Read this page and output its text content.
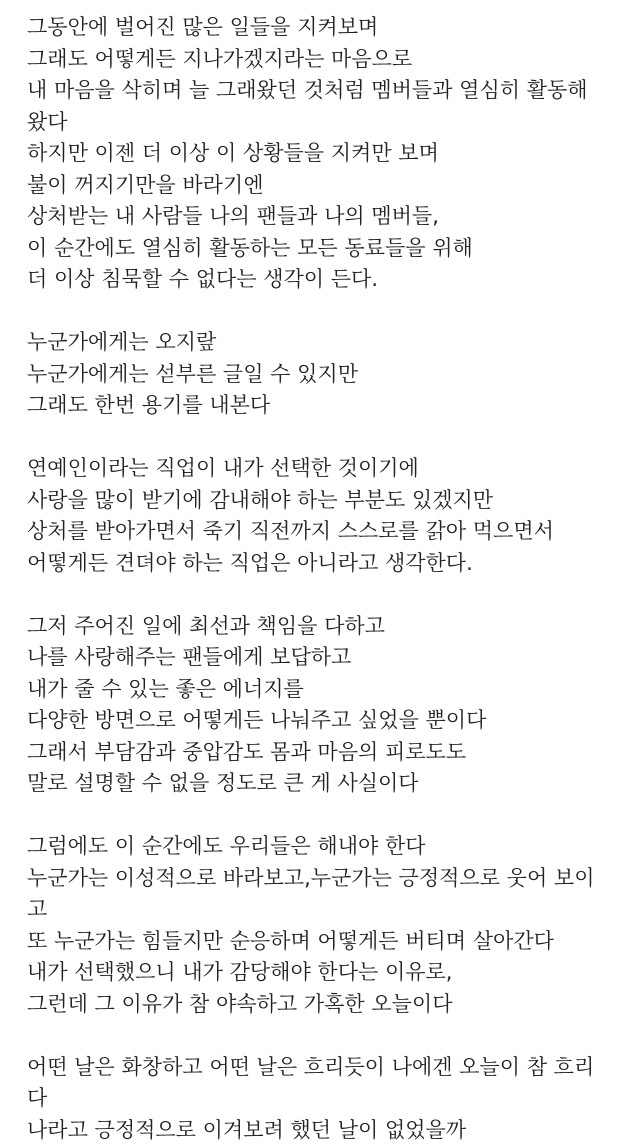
그동안에 벌어진 많은 일들을 지켜보며
그래도 어떻게든 지나가겠지라는 마음으로
내 마음을 삭히며 늘 그래왔던 것처럼 멤버들과 열심히 활동해
왔다
하지만 이젠 더 이상 이 상황들을 지켜만 보며
불이 꺼지기만을 바라기엔
상처받는 내 사람들 나의 팬들과 나의 멤버들,
이 순간에도 열심히 활동하는 모든 동료들을 위해
더 이상 침묵할 수 없다는 생각이 든다.
누군가에게는 오지랖
누군가에게는 섣부른 글일 수 있지만
그래도 한번 용기를 내본다
연예인이라는 직업이 내가 선택한 것이기에
사랑을 많이 받기에 감내해야 하는 부분도 있겠지만
상처를 받아가면서 죽기 직전까지 스스로를 갉아 먹으면서
어떻게든 견뎌야 하는 직업은 아니라고 생각한다.
그저 주어진 일에 최선과 책임을 다하고
나를 사랑해주는 팬들에게 보답하고
내가 줄 수 있는 좋은 에너지를
다양한 방면으로 어떻게든 나눠주고 싶었을 뿐이다
그래서 부담감과 중압감도 몸과 마음의 피로도도
말로 설명할 수 없을 정도로 큰 게 사실이다
그럼에도 이 순간에도 우리들은 해내야 한다
누군가는 이성적으로 바라보고,누군가는 긍정적으로 웃어 보이
고
또 누군가는 힘들지만 순응하며 어떻게든 버티며 살아간다
내가 선택했으니 내가 감당해야 한다는 이유로,
그런데 그 이유가 참 야속하고 가혹한 오늘이다
어떤 날은 화창하고 어떤 날은 흐리듯이 나에겐 오늘이 참 흐리
다
나라고 긍정적으로 이겨보려 했던 날이 없었을까
